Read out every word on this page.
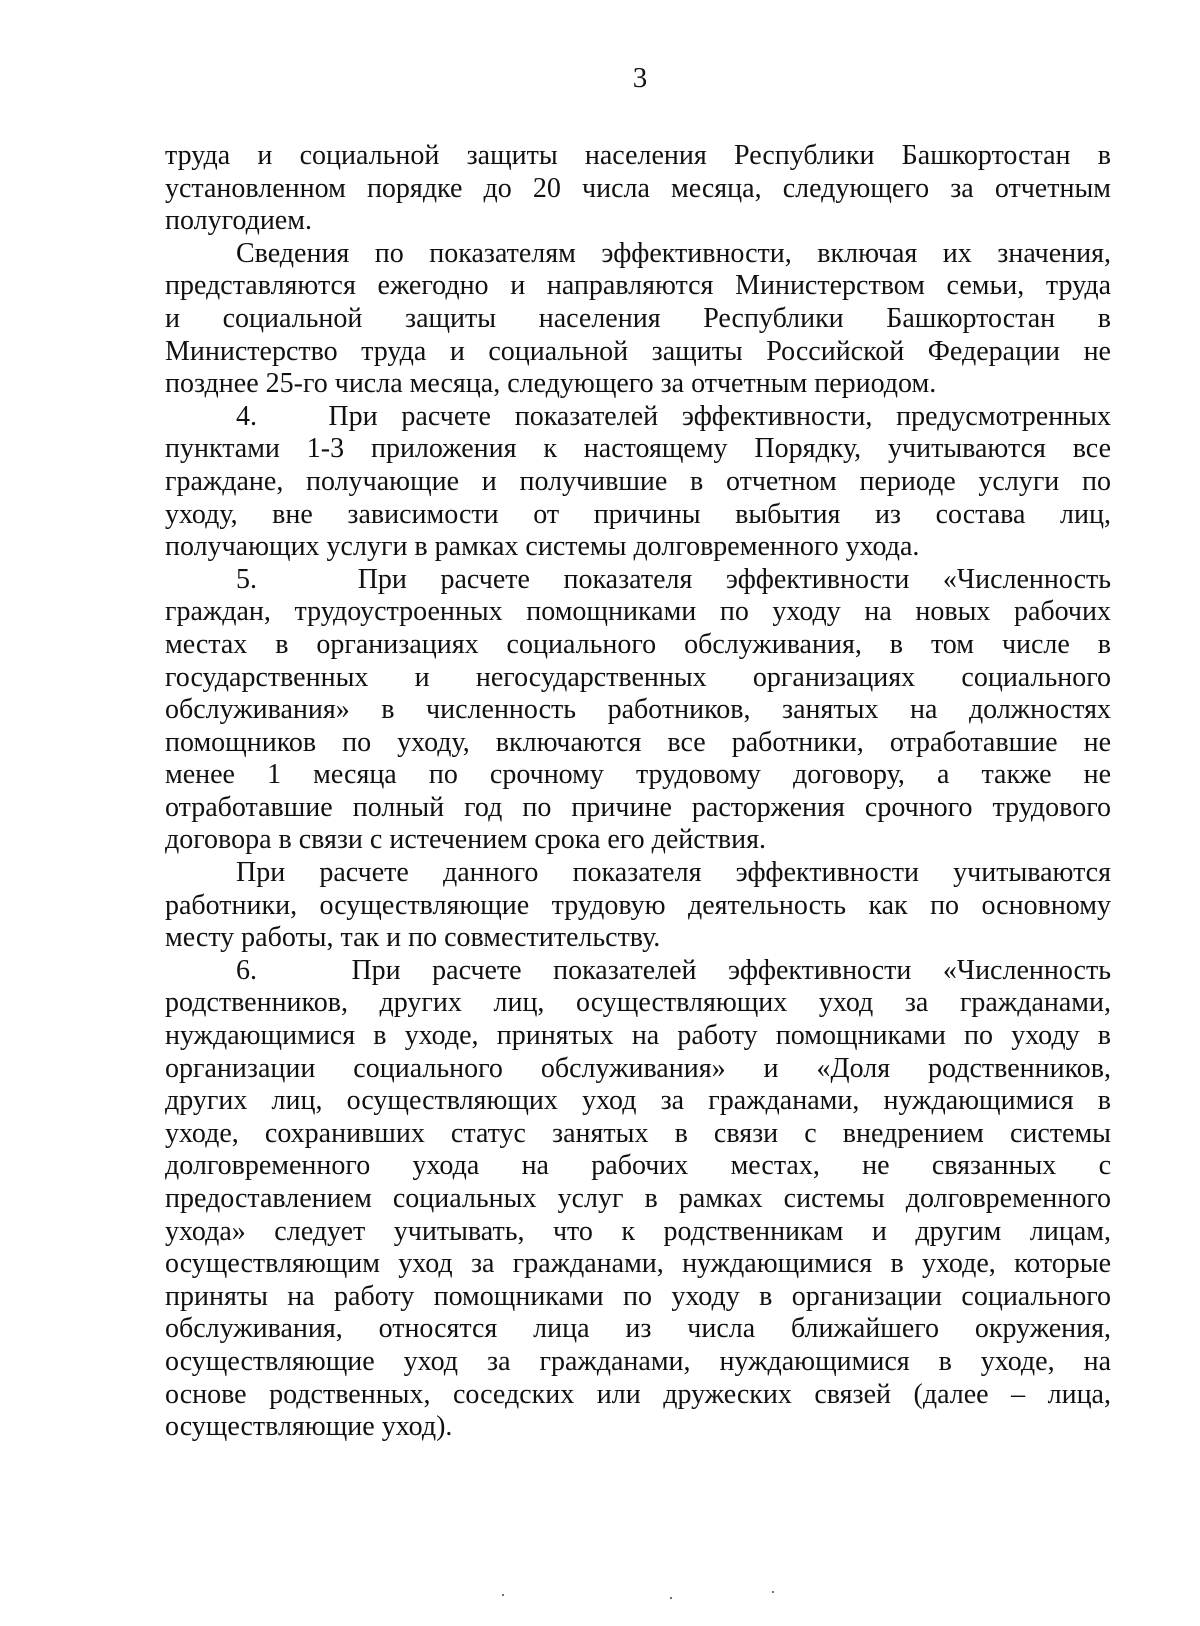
3

труда и социальной защиты населения Республики Башкортостан в
установленном порядке до 20 числа месяца, следующего за отчетным
полугодием.

Сведения по показателям эффективности, включая их значения,
представляются ежегодно и направляются Министерством семьи, труда
и социальной защиты населения Республики Башкортостан в
Министерство труда и социальной защиты Российской Федерации не
позднее 25-го числа месяца, следующего за отчетным периодом.

4.   При расчете показателей эффективности, предусмотренных
пунктами 1-3 приложения к настоящему Порядку, учитываются все
граждане, получающие и получившие в отчетном периоде услуги по
уходу, вне зависимости от причины выбытия из состава лиц,
получающих услуги в рамках системы долговременного ухода.

5.   При расчете показателя эффективности «Численность
граждан, трудоустроенных помощниками по уходу на новых рабочих
местах в организациях социального обслуживания, в том числе в
государственных и негосударственных организациях социального
обслуживания» в численность работников, занятых на должностях
помощников по уходу, включаются все работники, отработавшие не
менее 1 месяца по срочному трудовому договору, а также не
отработавшие полный год по причине расторжения срочного трудового
договора в связи с истечением срока его действия.

При расчете данного показателя эффективности учитываются
работники, осуществляющие трудовую деятельность как по основному
месту работы, так и по совместительству.

6.   При расчете показателей эффективности «Численность
родственников, других лиц, осуществляющих уход за гражданами,
нуждающимися в уходе, принятых на работу помощниками по уходу в
организации социального обслуживания» и «Доля родственников,
других лиц, осуществляющих уход за гражданами, нуждающимися в
уходе, сохранивших статус занятых в связи с внедрением системы
долговременного ухода на рабочих местах, не связанных с
предоставлением социальных услуг в рамках системы долговременного
ухода» следует учитывать, что к родственникам и другим лицам,
осуществляющим уход за гражданами, нуждающимися в уходе, которые
приняты на работу помощниками по уходу в организации социального
обслуживания, относятся лица из числа ближайшего окружения,
осуществляющие уход за гражданами, нуждающимися в уходе, на
основе родственных, соседских или дружеских связей (далее – лица,
осуществляющие уход).
